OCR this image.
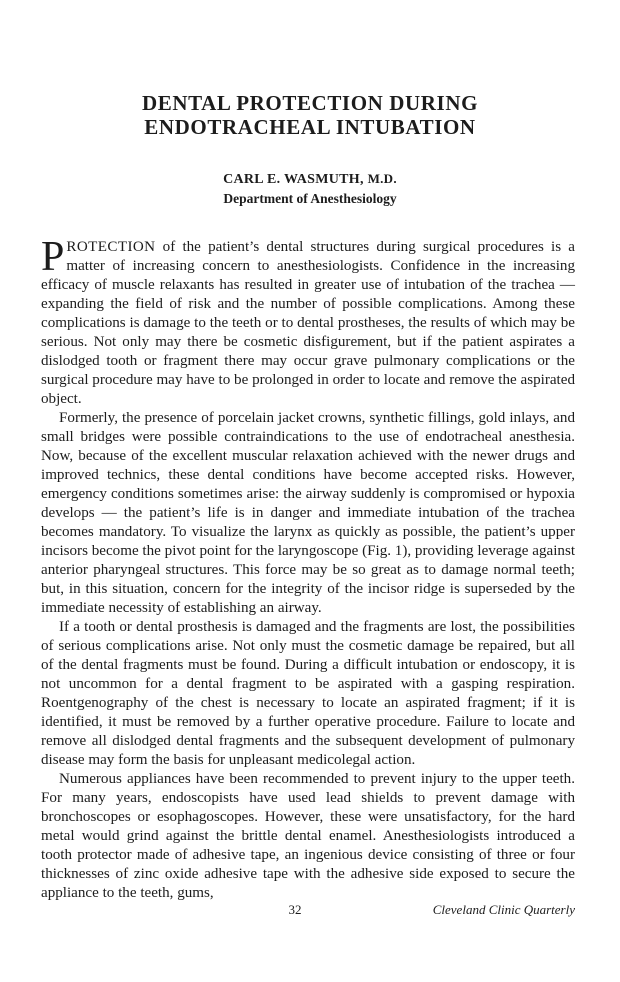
DENTAL PROTECTION DURING
ENDOTRACHEAL INTUBATION
CARL E. WASMUTH, M.D.
Department of Anesthesiology

PROTECTION of the patient’s dental structures during surgical procedures is a matter of increasing concern to anesthesiologists. Confidence in the increasing efficacy of muscle relaxants has resulted in greater use of intubation of the trachea — expanding the field of risk and the number of possible complications. Among these complications is damage to the teeth or to dental prostheses, the results of which may be serious. Not only may there be cosmetic disfigurement, but if the patient aspirates a dislodged tooth or fragment there may occur grave pulmonary complications or the surgical procedure may have to be prolonged in order to locate and remove the aspirated object.

Formerly, the presence of porcelain jacket crowns, synthetic fillings, gold inlays, and small bridges were possible contraindications to the use of endotracheal anesthesia. Now, because of the excellent muscular relaxation achieved with the newer drugs and improved technics, these dental conditions have become accepted risks. However, emergency conditions sometimes arise: the airway suddenly is compromised or hypoxia develops — the patient’s life is in danger and immediate intubation of the trachea becomes mandatory. To visualize the larynx as quickly as possible, the patient’s upper incisors become the pivot point for the laryngoscope (Fig. 1), providing leverage against anterior pharyngeal structures. This force may be so great as to damage normal teeth; but, in this situation, concern for the integrity of the incisor ridge is superseded by the immediate necessity of establishing an airway.

If a tooth or dental prosthesis is damaged and the fragments are lost, the possibilities of serious complications arise. Not only must the cosmetic damage be repaired, but all of the dental fragments must be found. During a difficult intubation or endoscopy, it is not uncommon for a dental fragment to be aspirated with a gasping respiration. Roentgenography of the chest is necessary to locate an aspirated fragment; if it is identified, it must be removed by a further operative procedure. Failure to locate and remove all dislodged dental fragments and the subsequent development of pulmonary disease may form the basis for unpleasant medicolegal action.

Numerous appliances have been recommended to prevent injury to the upper teeth. For many years, endoscopists have used lead shields to prevent damage with bronchoscopes or esophagoscopes. However, these were unsatisfactory, for the hard metal would grind against the brittle dental enamel. Anesthesiologists introduced a tooth protector made of adhesive tape, an ingenious device consisting of three or four thicknesses of zinc oxide adhesive tape with the adhesive side exposed to secure the appliance to the teeth, gums,

32	Cleveland Clinic Quarterly
